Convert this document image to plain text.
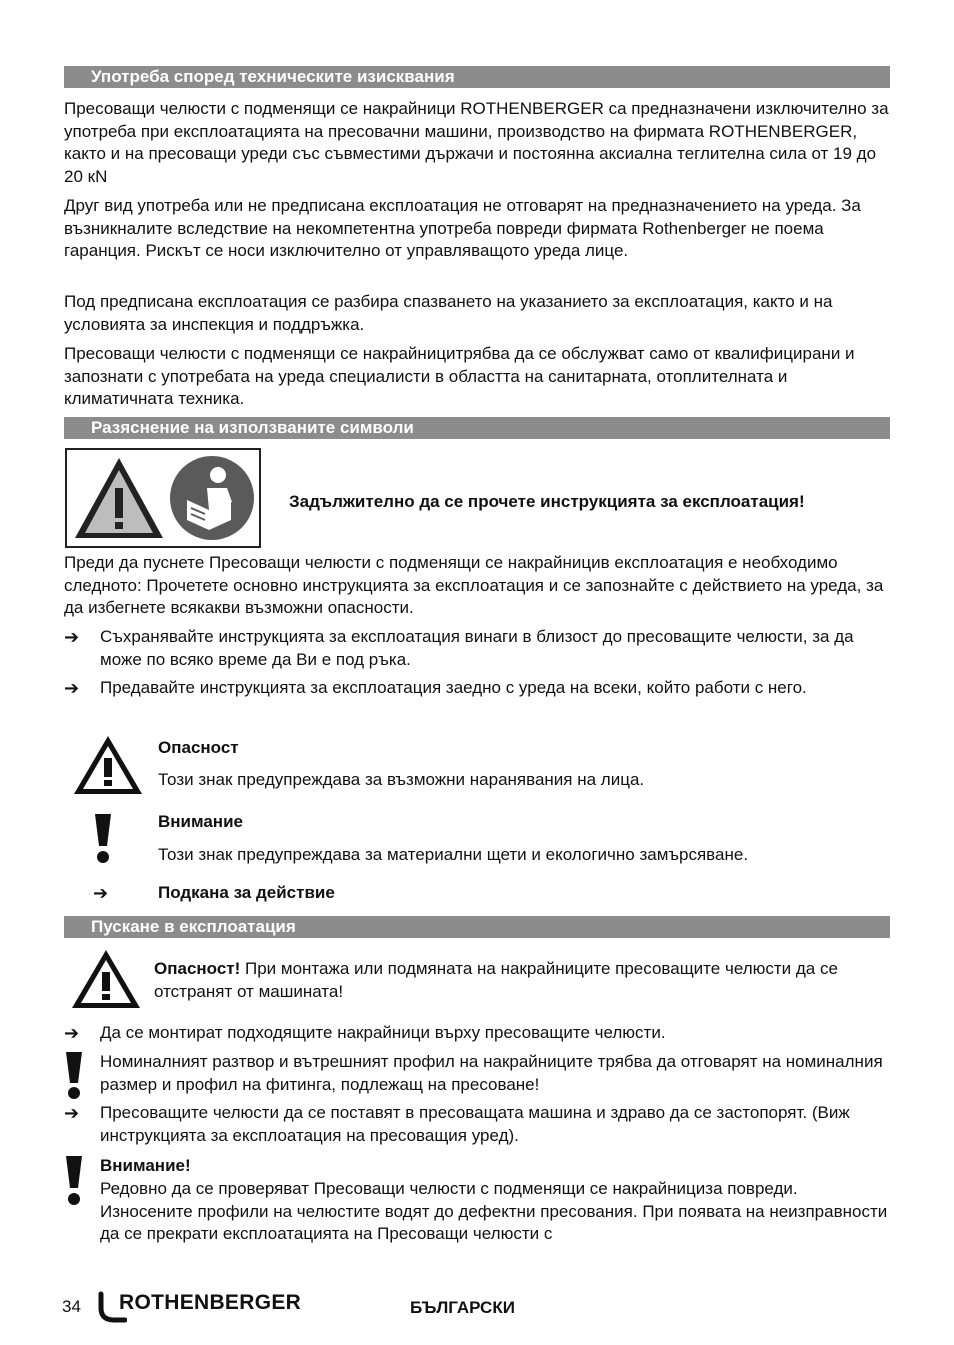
Употреба според техническите изисквания
Пресоващи челюсти с подменящи се накрайници ROTHENBERGER са предназначени изключително за употреба при експлоатацията на пресовачни машини, производство на фирмата ROTHENBERGER, както и на пресоващи уреди със съвместими държачи и постоянна аксиална теглителна сила от 19 до 20 кN
Друг вид употреба или не предписана експлоатация не отговарят на предназначението на уреда. За възникналите вследствие на некомпетентна употреба повреди фирмата Rothenberger не поема гаранция. Рискът се носи изключително от управляващото уреда лице.
Под предписана експлоатация се разбира спазването на указанието за експлоатация, както и на условията за инспекция и поддръжка.
Пресоващи челюсти с подменящи се накрайницитрябва да се обслужват само от квалифицирани и запознати с употребата на уреда специалисти в областта на санитарната, отоплителната и климатичната техника.
Разяснение на използваните символи
Задължително да се прочете инструкцията за експлоатация!
Преди да пуснете Пресоващи челюсти с подменящи се накрайницив експлоатация е необходимо следното: Прочетете основно инструкцията за експлоатация и се запознайте с действието на уреда, за да избегнете всякакви възможни опасности.
➔ Съхранявайте инструкцията за експлоатация винаги в близост до пресоващите челюсти, за да може по всяко време да Ви е под ръка.
➔ Предавайте инструкцията за експлоатация заедно с уреда на всеки, който работи с него.
Опасност
Този знак предупреждава за възможни наранявания на лица.
Внимание
Този знак предупреждава за материални щети и екологично замърсяване.
➔	Подкана за действие
Пускане в експлоатация
Опасност! При монтажа или подмяната на накрайниците пресоващите челюсти да се отстранят от машината!
➔ Да се монтират подходящите накрайници върху пресоващите челюсти.
Номиналният разтвор и вътрешният профил на накрайниците трябва да отговарят на номиналния размер и профил на фитинга, подлежащ на пресоване!
➔ Пресоващите челюсти да се поставят в пресоващата машина и здраво да се застопорят. (Виж инструкцията за експлоатация на пресоващия уред).
Внимание!
Редовно да се проверяват Пресоващи челюсти с подменящи се накрайнициза повреди. Износените профили на челюстите водят до дефектни пресования. При появата на неизправности да се прекрати експлоатацията на Пресоващи челюсти с
34 ROTHENBERGER	БЪЛГАРСКИ
